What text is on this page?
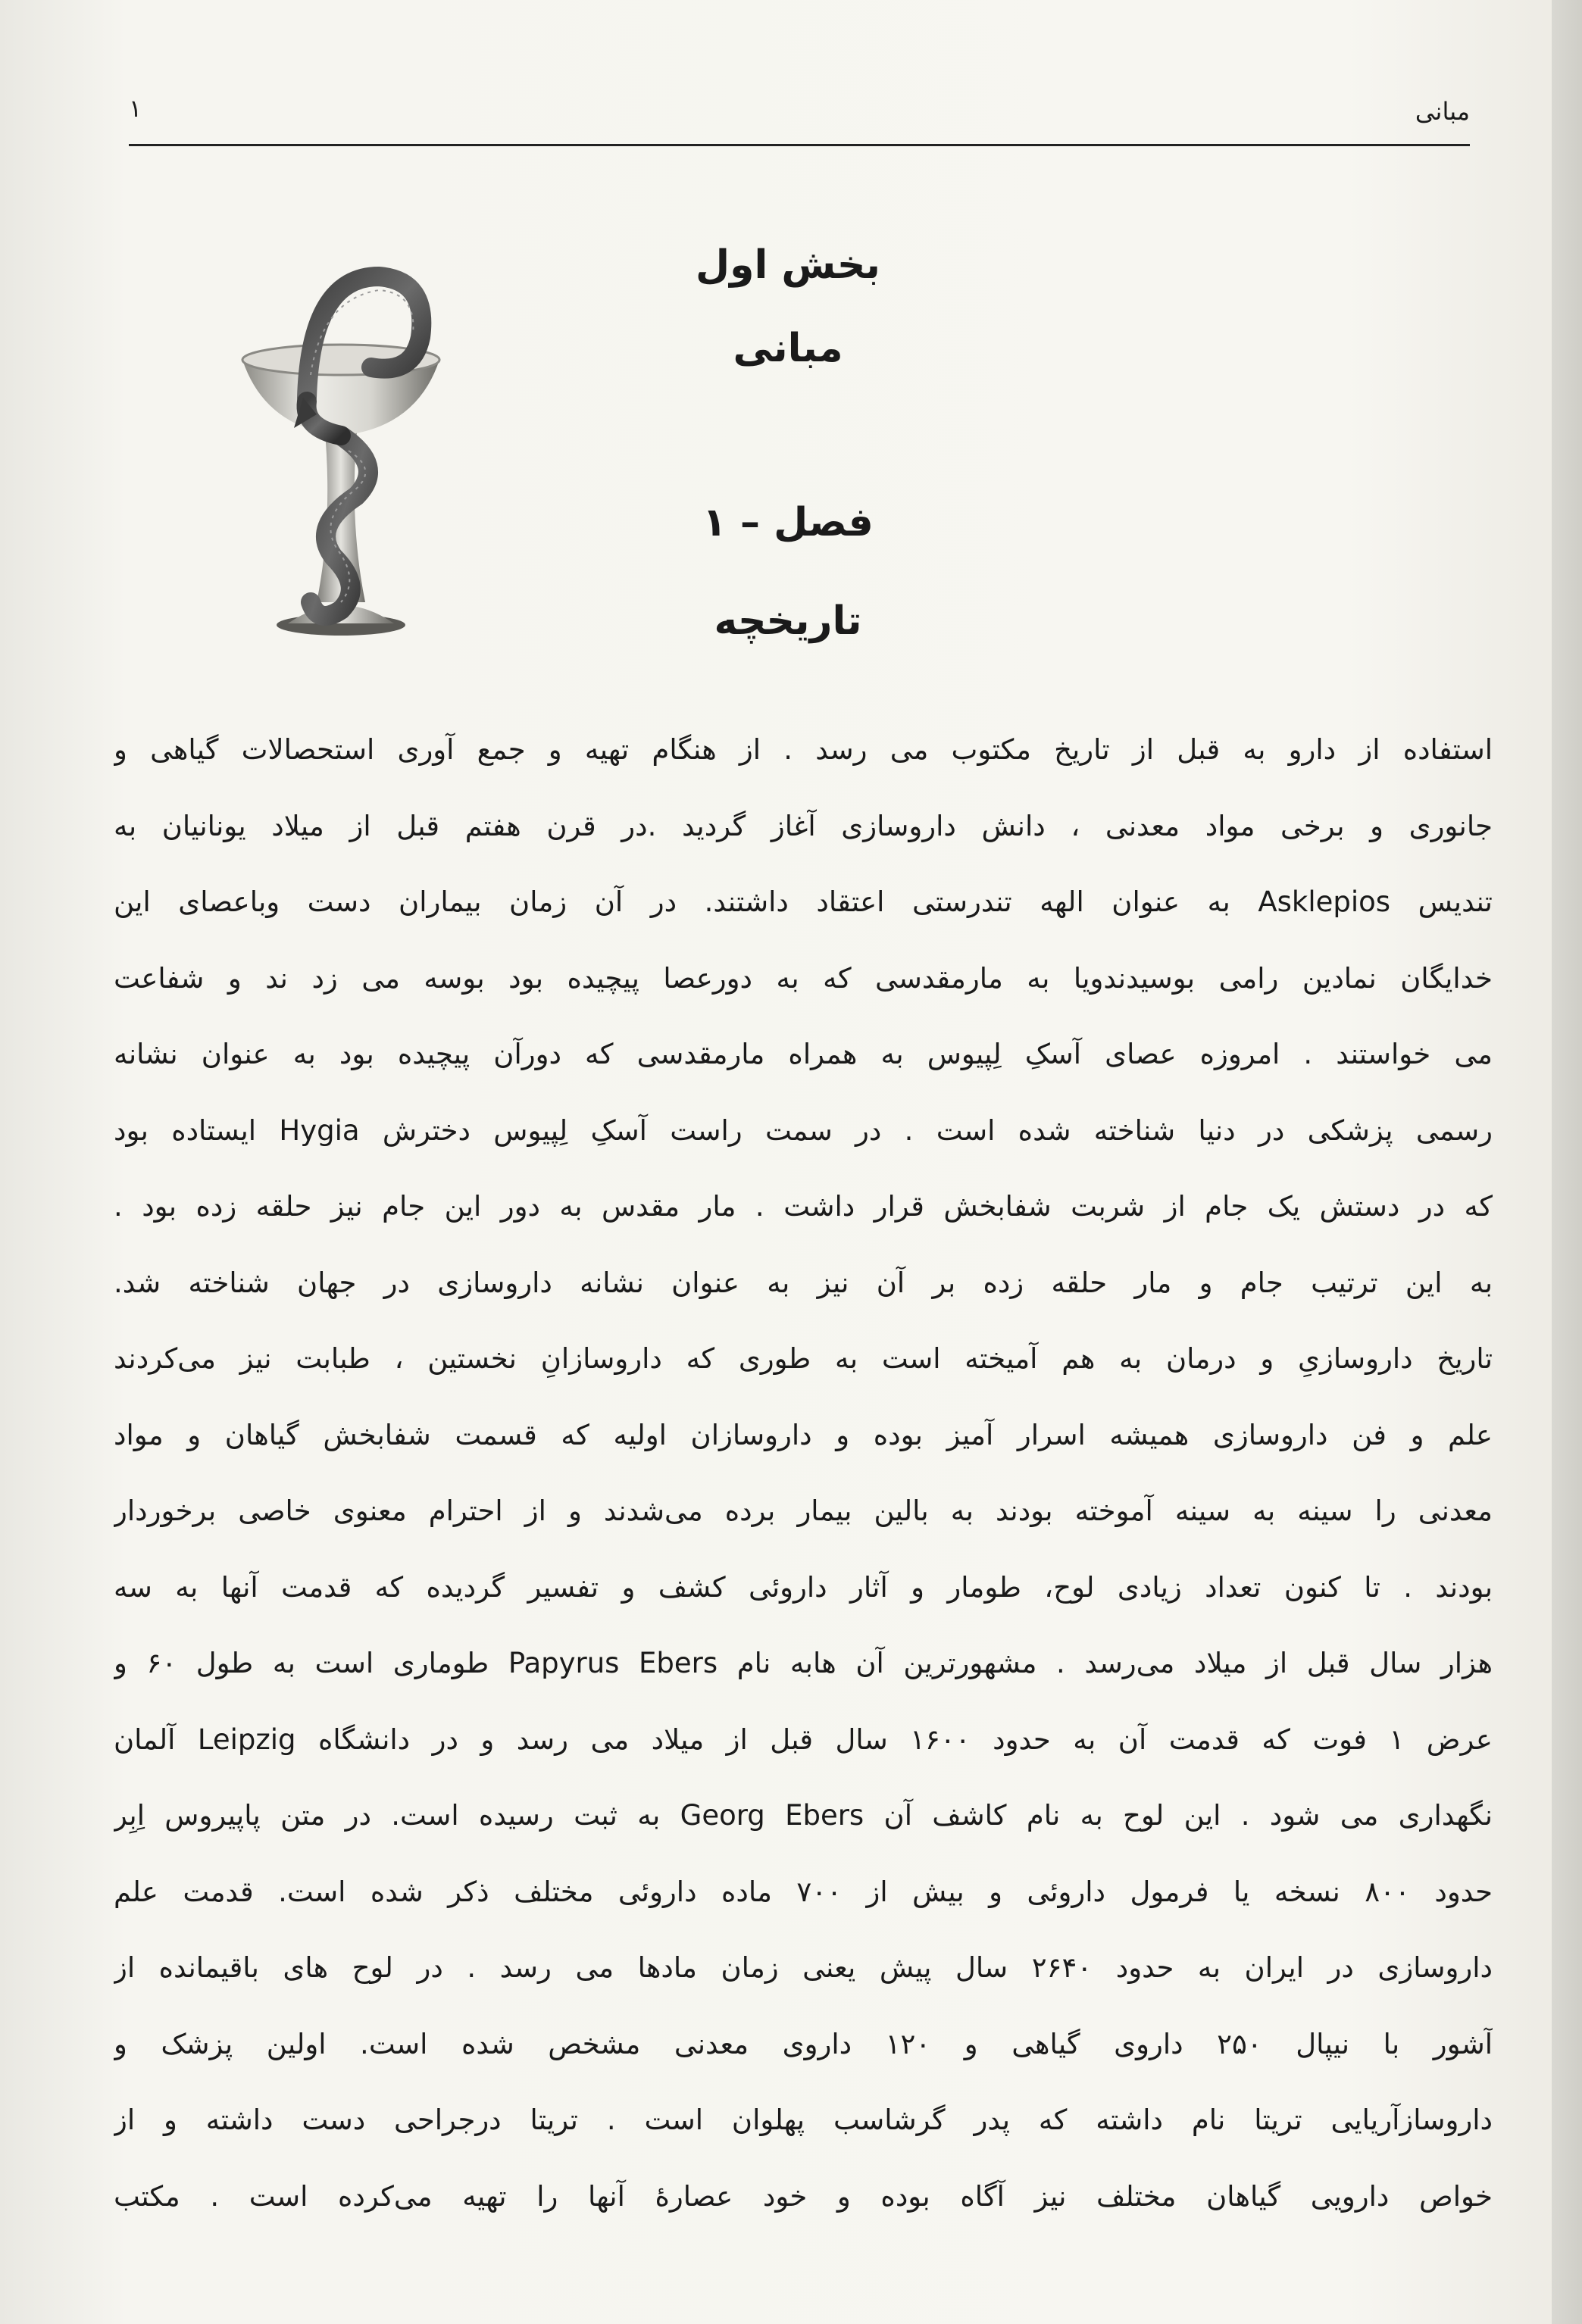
مبانی
۱
بخش اول
مبانی
فصل – ۱
تاریخچه
استفاده از دارو به قبل از تاریخ مکتوب می رسد . از هنگام تهیه و جمع آوری استحصالات گیاهی و
جانوری و برخی مواد معدنی ، دانش داروسازی آغاز گردید .در قرن هفتم قبل از میلاد یونانیان به
تندیس Asklepios به عنوان الهه تندرستی اعتقاد داشتند. در آن زمان بیماران دست وباعصای این
خدایگان نمادین رامی بوسیدندویا به مارمقدسی که به دورعصا پیچیده بود بوسه می زد ند و شفاعت
می خواستند . امروزه عصای آسکِ لِپیوس به همراه مارمقدسی که دورآن پیچیده بود به عنوان نشانه
رسمی پزشکی در دنیا شناخته شده است . در سمت راست آسکِ لِپیوس دخترش Hygia ایستاده بود
که در دستش یک جام از شربت شفابخش قرار داشت . مار مقدس به دور این جام نیز حلقه زده بود .
به این ترتیب جام و مار حلقه زده بر آن نیز به عنوان نشانه داروسازی در جهان شناخته شد.
تاریخ داروسازیِ و درمان به هم آمیخته است به طوری که داروسازانِ نخستین ، طبابت نیز می‌کردند
علم و فن داروسازی همیشه اسرار آمیز بوده و داروسازان اولیه که قسمت شفابخش گیاهان و مواد
معدنی را سینه به سینه آموخته بودند به بالین بیمار برده می‌شدند و از احترام معنوی خاصی برخوردار
بودند . تا کنون تعداد زیادی لوح، طومار و آثار داروئی کشف و تفسیر گردیده که قدمت آنها به سه
هزار سال قبل از میلاد می‌رسد . مشهورترین آن هابه نام Papyrus Ebers طوماری است به طول ۶۰ و
عرض ۱ فوت که قدمت آن به حدود ۱۶۰۰ سال قبل از میلاد می رسد و در دانشگاه Leipzig آلمان
نگهداری می شود . این لوح به نام کاشف آن Georg Ebers به ثبت رسیده است. در متن پاپیروس اِبِر
حدود ۸۰۰ نسخه یا فرمول داروئی و بیش از ۷۰۰ ماده داروئی مختلف ذکر شده است. قدمت علم
داروسازی در ایران به حدود ۲۶۴۰ سال پیش یعنی زمان مادها می رسد . در لوح های باقیمانده از
آشور با نیپال ۲۵۰ داروی گیاهی و ۱۲۰ داروی معدنی مشخص شده است. اولین پزشک و
داروسازآریایی تریتا نام داشته که پدر گرشاسب پهلوان است . تریتا درجراحی دست داشته و از
خواص دارویی گیاهان مختلف نیز آگاه بوده و خود عصارهٔ آنها را تهیه می‌کرده است . مکتب
